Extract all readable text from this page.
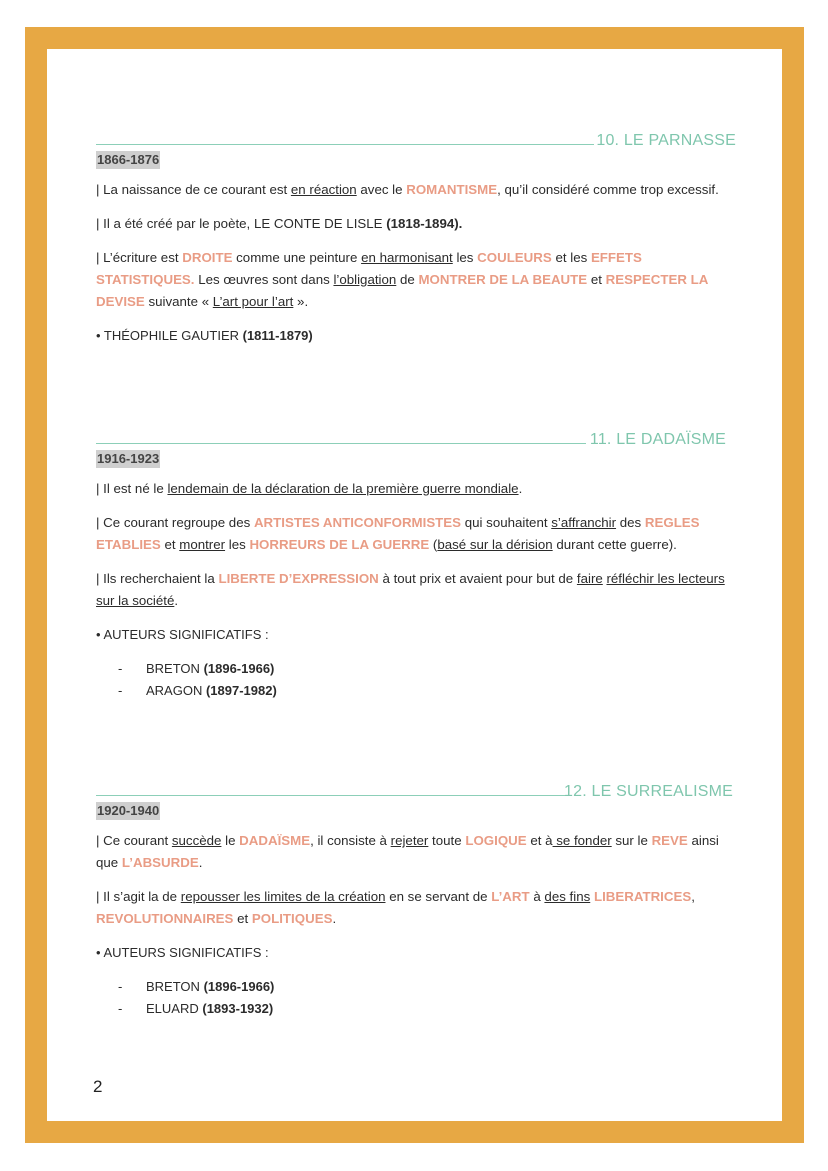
10. LE PARNASSE
1866-1876

| La naissance de ce courant est en réaction avec le ROMANTISME, qu’il considéré comme trop excessif.

| Il a été créé par le poète, LE CONTE DE LISLE (1818-1894).

| L’écriture est DROITE comme une peinture en harmonisant les COULEURS et les EFFETS STATISTIQUES. Les œuvres sont dans l’obligation de MONTRER DE LA BEAUTE et RESPECTER LA DEVISE suivante « L’art pour l’art ».

• THÉOPHILE GAUTIER (1811-1879)

11. LE DADAÏSME
1916-1923

| Il est né le lendemain de la déclaration de la première guerre mondiale.

| Ce courant regroupe des ARTISTES ANTICONFORMISTES qui souhaitent s’affranchir des REGLES ETABLIES et montrer les HORREURS DE LA GUERRE (basé sur la dérision durant cette guerre).

| Ils recherchaient la LIBERTE D’EXPRESSION à tout prix et avaient pour but de faire réfléchir les lecteurs sur la société.

• AUTEURS SIGNIFICATIFS :

- BRETON (1896-1966)
- ARAGON (1897-1982)
12. LE SURREALISME
1920-1940

| Ce courant succède le DADAÏSME, il consiste à rejeter toute LOGIQUE et à se fonder sur le REVE ainsi que L’ABSURDE.

| Il s’agit la de repousser les limites de la création en se servant de L’ART à des fins LIBERATRICES, REVOLUTIONNAIRES et POLITIQUES.

• AUTEURS SIGNIFICATIFS :

- BRETON (1896-1966)
- ELUARD (1893-1932)
2
